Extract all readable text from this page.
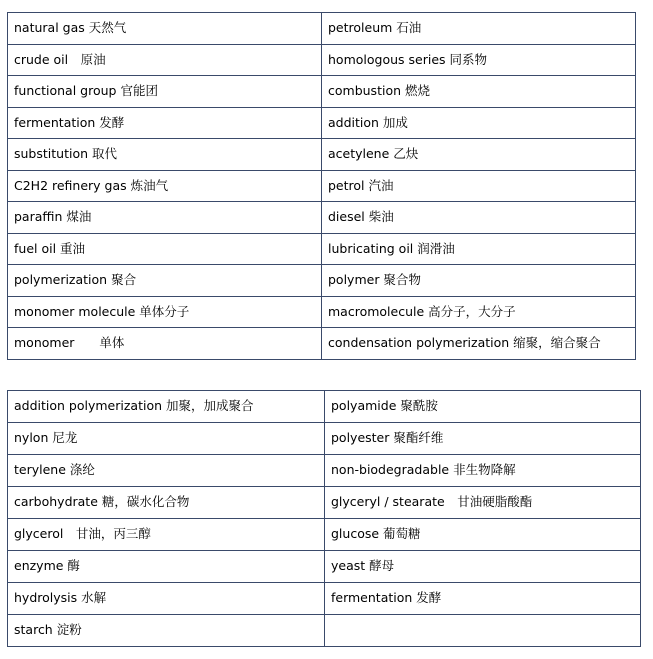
natural gas 天然气	petroleum 石油
crude oil　原油	homologous series 同系物
functional group 官能团	combustion 燃烧
fermentation 发酵	addition 加成
substitution 取代	acetylene 乙炔
C2H2 refinery gas 炼油气	petrol 汽油
paraffin 煤油	diesel 柴油
fuel oil 重油	lubricating oil 润滑油
polymerization 聚合	polymer 聚合物
monomer molecule 单体分子	macromolecule 高分子，大分子
monomer　　单体	condensation polymerization 缩聚，缩合聚合
addition polymerization 加聚，加成聚合	polyamide 聚酰胺
nylon 尼龙	polyester 聚酯纤维
terylene 涤纶	non-biodegradable 非生物降解
carbohydrate 糖，碳水化合物	glyceryl / stearate　甘油硬脂酸酯
glycerol　甘油，丙三醇	glucose 葡萄糖
enzyme 酶	yeast 酵母
hydrolysis 水解	fermentation 发酵
starch 淀粉	
